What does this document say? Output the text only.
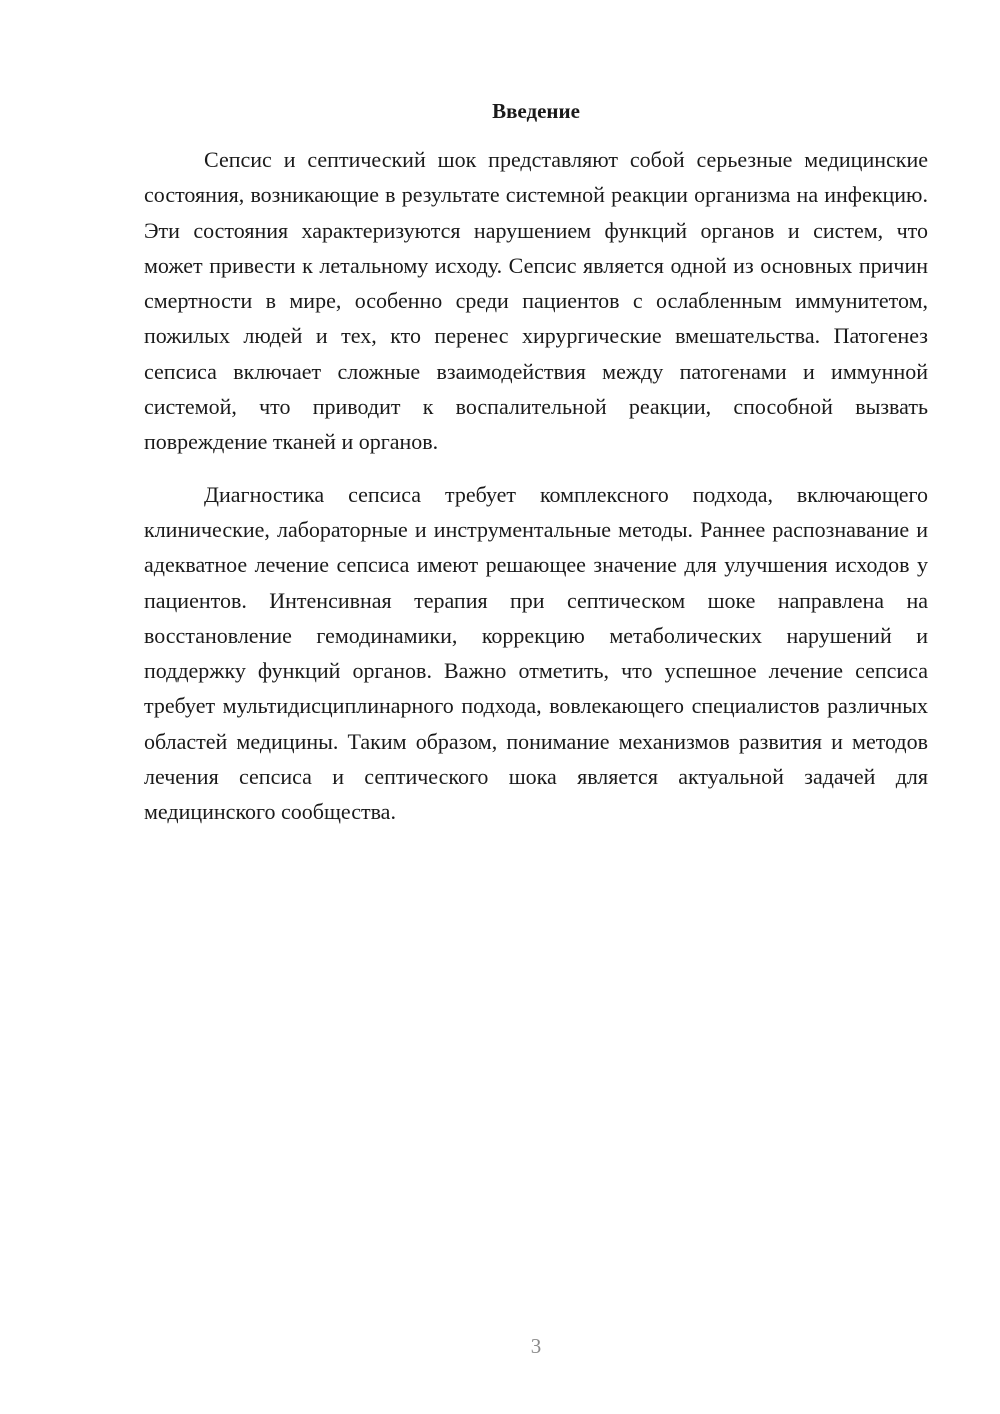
Введение

Сепсис и септический шок представляют собой серьезные медицинские состояния, возникающие в результате системной реакции организма на инфекцию. Эти состояния характеризуются нарушением функций органов и систем, что может привести к летальному исходу. Сепсис является одной из основных причин смертности в мире, особенно среди пациентов с ослабленным иммунитетом, пожилых людей и тех, кто перенес хирургические вмешательства. Патогенез сепсиса включает сложные взаимодействия между патогенами и иммунной системой, что приводит к воспалительной реакции, способной вызвать повреждение тканей и органов.

Диагностика сепсиса требует комплексного подхода, включающего клинические, лабораторные и инструментальные методы. Раннее распознавание и адекватное лечение сепсиса имеют решающее значение для улучшения исходов у пациентов. Интенсивная терапия при септическом шоке направлена на восстановление гемодинамики, коррекцию метаболических нарушений и поддержку функций органов. Важно отметить, что успешное лечение сепсиса требует мультидисциплинарного подхода, вовлекающего специалистов различных областей медицины. Таким образом, понимание механизмов развития и методов лечения сепсиса и септического шока является актуальной задачей для медицинского сообщества.

3
